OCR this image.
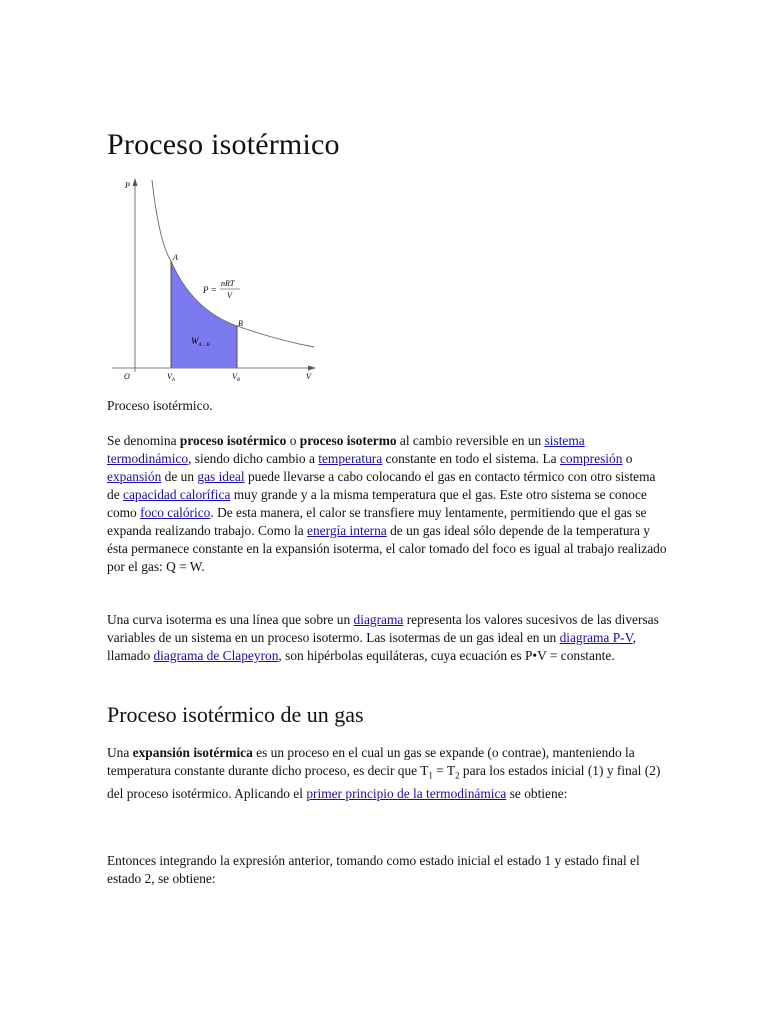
Proceso isotérmico
P
O	V
A
B
$V_A$	$V_B$
P =
nRT
V
$W_{A\to B}$

Proceso isotérmico.

Se denomina proceso isotérmico o proceso isotermo al cambio reversible en un sistema termodinámico, siendo dicho cambio a temperatura constante en todo el sistema. La compresión o expansión de un gas ideal puede llevarse a cabo colocando el gas en contacto térmico con otro sistema de capacidad calorífica muy grande y a la misma temperatura que el gas. Este otro sistema se conoce como foco calórico. De esta manera, el calor se transfiere muy lentamente, permitiendo que el gas se expanda realizando trabajo. Como la energía interna de un gas ideal sólo depende de la temperatura y ésta permanece constante en la expansión isoterma, el calor tomado del foco es igual al trabajo realizado por el gas: Q = W.

Una curva isoterma es una línea que sobre un diagrama representa los valores sucesivos de las diversas variables de un sistema en un proceso isotermo. Las isotermas de un gas ideal en un diagrama P-V, llamado diagrama de Clapeyron, son hipérbolas equiláteras, cuya ecuación es P•V = constante.

Proceso isotérmico de un gas

Una expansión isotérmica es un proceso en el cual un gas se expande (o contrae), manteniendo la temperatura constante durante dicho proceso, es decir que $T_1 = T_2$ para los estados inicial (1) y final (2) del proceso isotérmico. Aplicando el primer principio de la termodinámica se obtiene:

Entonces integrando la expresión anterior, tomando como estado inicial el estado 1 y estado final el estado 2, se obtiene:
